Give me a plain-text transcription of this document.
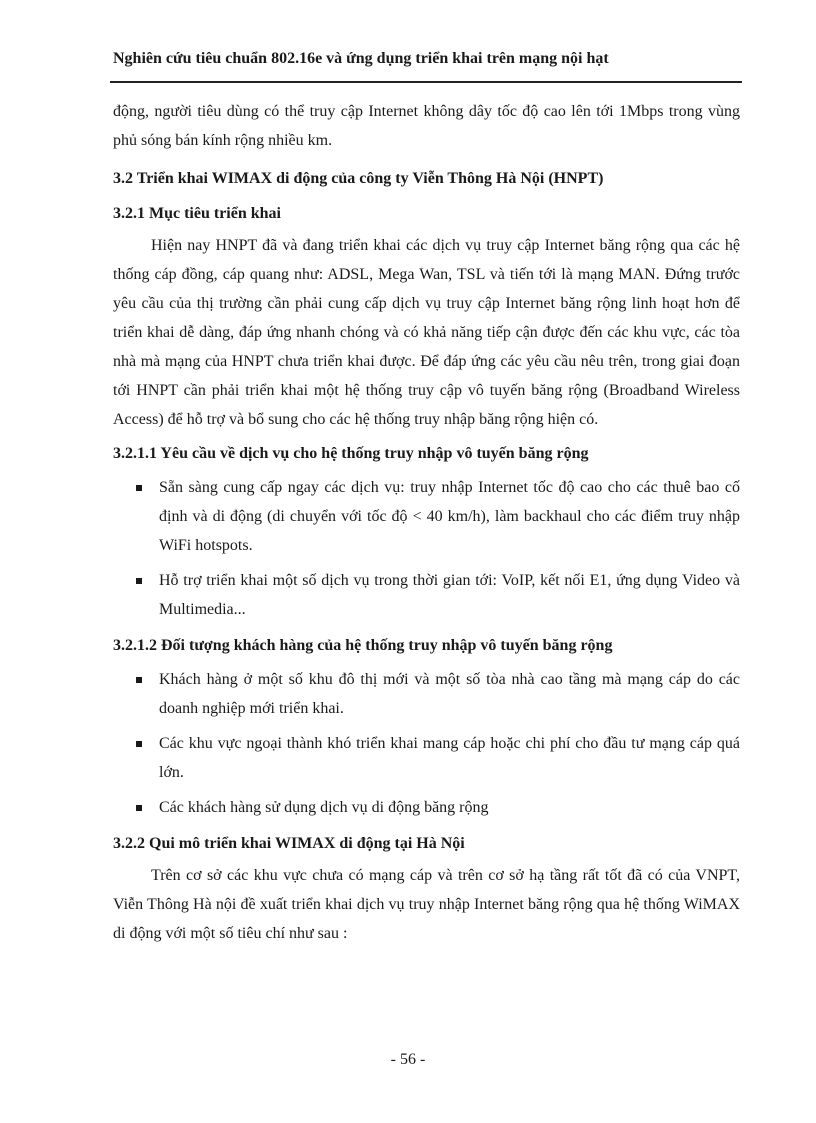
Nghiên cứu tiêu chuẩn 802.16e và ứng dụng triển khai trên mạng nội hạt

động, người tiêu dùng có thể truy cập Internet không dây tốc độ cao lên tới 1Mbps trong vùng phủ sóng bán kính rộng nhiều km.

3.2 Triển khai WIMAX di động của công ty Viễn Thông Hà Nội (HNPT)
3.2.1 Mục tiêu triển khai

Hiện nay HNPT đã và đang triển khai các dịch vụ truy cập Internet băng rộng qua các hệ thống cáp đồng, cáp quang như: ADSL, Mega Wan, TSL và tiến tới là mạng MAN. Đứng trước yêu cầu của thị trường cần phải cung cấp dịch vụ truy cập Internet băng rộng linh hoạt hơn để triển khai dễ dàng, đáp ứng nhanh chóng và có khả năng tiếp cận được đến các khu vực, các tòa nhà mà mạng của HNPT chưa triển khai được. Để đáp ứng các yêu cầu nêu trên, trong giai đoạn tới HNPT cần phải triển khai một hệ thống truy cập vô tuyến băng rộng (Broadband Wireless Access) để hỗ trợ và bổ sung cho các hệ thống truy nhập băng rộng hiện có.

3.2.1.1 Yêu cầu về dịch vụ cho hệ thống truy nhập vô tuyến băng rộng
Sẵn sàng cung cấp ngay các dịch vụ: truy nhập Internet tốc độ cao cho các thuê bao cố định và di động (di chuyển với tốc độ < 40 km/h), làm backhaul cho các điểm truy nhập WiFi hotspots.
Hỗ trợ triển khai một số dịch vụ trong thời gian tới: VoIP, kết nối E1, ứng dụng Video và Multimedia...
3.2.1.2 Đối tượng khách hàng của hệ thống truy nhập vô tuyến băng rộng
Khách hàng ở một số khu đô thị mới và một số tòa nhà cao tầng mà mạng cáp do các doanh nghiệp mới triển khai.
Các khu vực ngoại thành khó triển khai mang cáp hoặc chi phí cho đầu tư mạng cáp quá lớn.
Các khách hàng sử dụng dịch vụ di động băng rộng
3.2.2 Qui mô triển khai WIMAX di động tại Hà Nội

Trên cơ sở các khu vực chưa có mạng cáp và trên cơ sở hạ tầng rất tốt đã có của VNPT, Viễn Thông Hà nội đề xuất triển khai dịch vụ truy nhập Internet băng rộng qua hệ thống WiMAX di động với một số tiêu chí như sau :

- 56 -
